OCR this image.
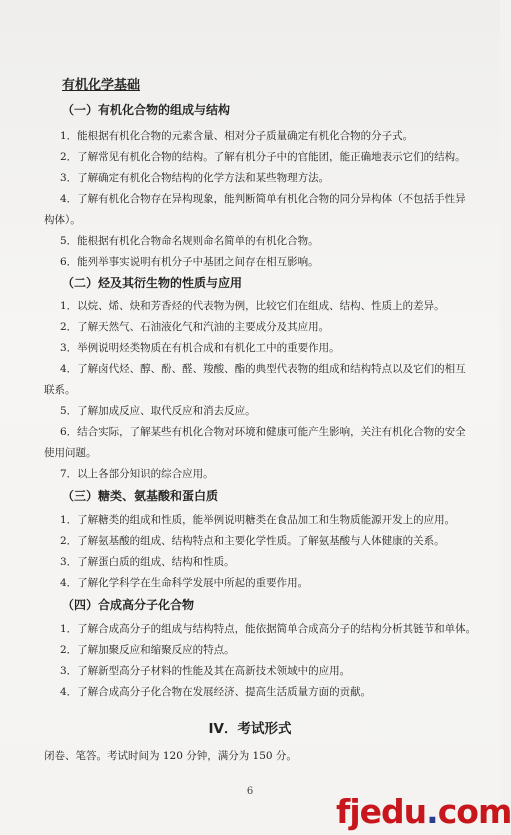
有机化学基础
（一）有机化合物的组成与结构
1．能根据有机化合物的元素含量、相对分子质量确定有机化合物的分子式。
2．了解常见有机化合物的结构。了解有机分子中的官能团，能正确地表示它们的结构。
3．了解确定有机化合物结构的化学方法和某些物理方法。
4．了解有机化合物存在异构现象，能判断简单有机化合物的同分异构体（不包括手性异
构体）。
5．能根据有机化合物命名规则命名简单的有机化合物。
6．能列举事实说明有机分子中基团之间存在相互影响。
（二）烃及其衍生物的性质与应用
1．以烷、烯、炔和芳香烃的代表物为例，比较它们在组成、结构、性质上的差异。
2．了解天然气、石油液化气和汽油的主要成分及其应用。
3．举例说明烃类物质在有机合成和有机化工中的重要作用。
4．了解卤代烃、醇、酚、醛、羧酸、酯的典型代表物的组成和结构特点以及它们的相互
联系。
5．了解加成反应、取代反应和消去反应。
6．结合实际，了解某些有机化合物对环境和健康可能产生影响，关注有机化合物的安全
使用问题。
7．以上各部分知识的综合应用。
（三）糖类、氨基酸和蛋白质
1．了解糖类的组成和性质，能举例说明糖类在食品加工和生物质能源开发上的应用。
2．了解氨基酸的组成、结构特点和主要化学性质。了解氨基酸与人体健康的关系。
3．了解蛋白质的组成、结构和性质。
4．了解化学科学在生命科学发展中所起的重要作用。
（四）合成高分子化合物
1．了解合成高分子的组成与结构特点，能依据简单合成高分子的结构分析其链节和单体。
2．了解加聚反应和缩聚反应的特点。
3．了解新型高分子材料的性能及其在高新技术领域中的应用。
4．了解合成高分子化合物在发展经济、提高生活质量方面的贡献。
IV．考试形式
闭卷、笔答。考试时间为 120 分钟，满分为 150 分。
6
fjedu.com
